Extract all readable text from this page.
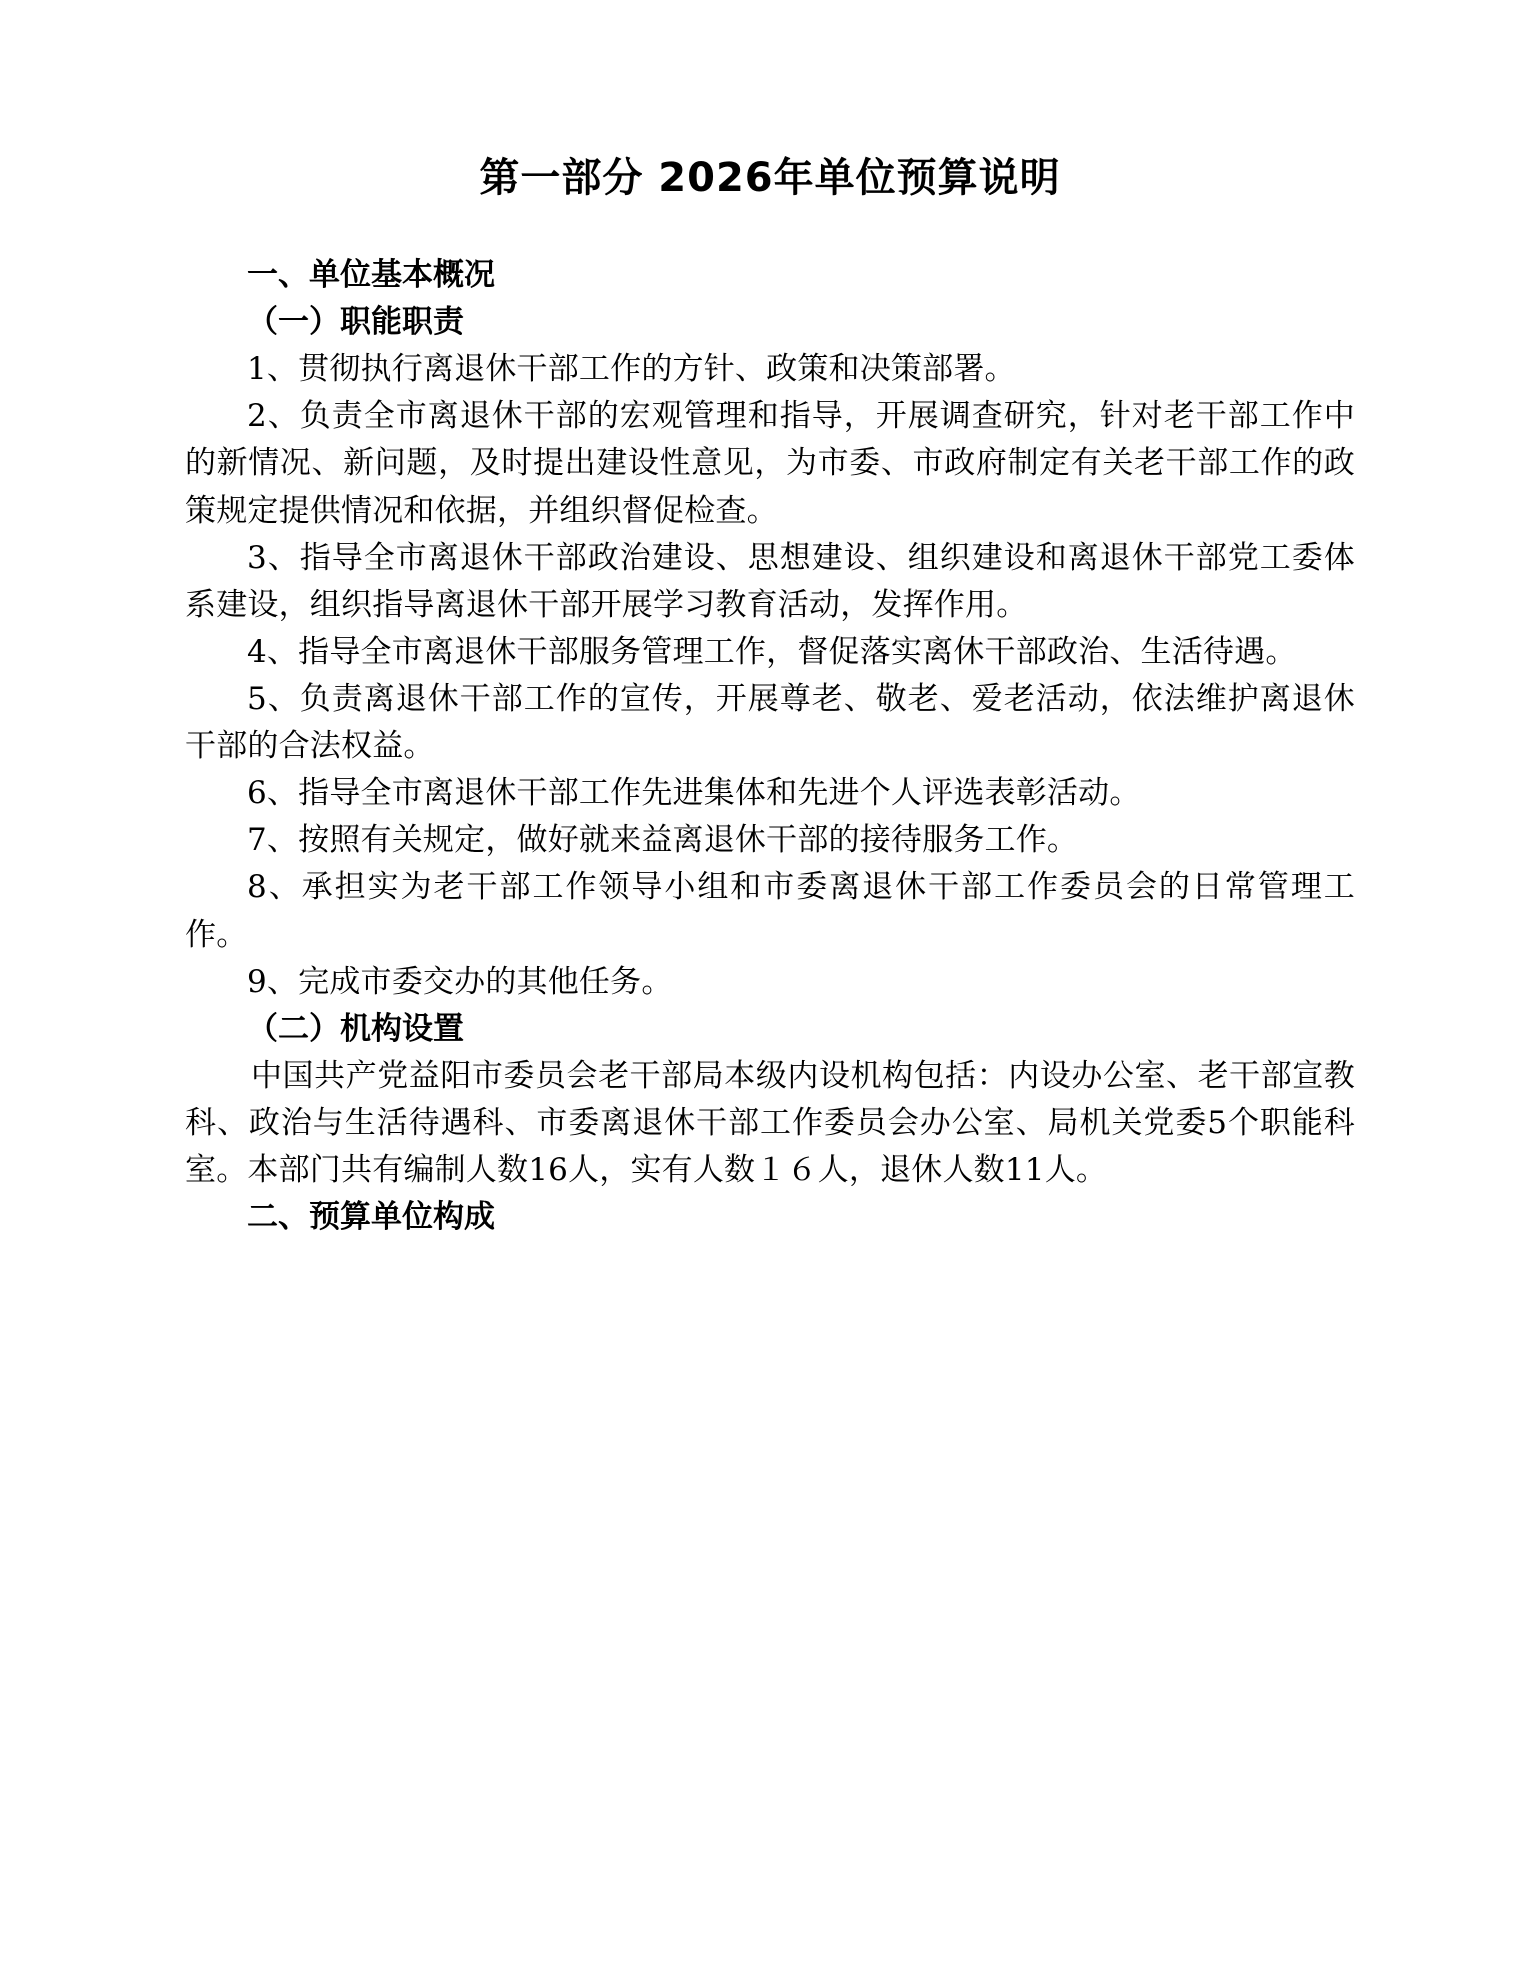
第一部分 2026年单位预算说明
一、单位基本概况
（一）职能职责

1、贯彻执行离退休干部工作的方针、政策和决策部署。

2、负责全市离退休干部的宏观管理和指导，开展调查研究，针对老干部工作中的新情况、新问题，及时提出建设性意见，为市委、市政府制定有关老干部工作的政策规定提供情况和依据，并组织督促检查。

3、指导全市离退休干部政治建设、思想建设、组织建设和离退休干部党工委体系建设，组织指导离退休干部开展学习教育活动，发挥作用。

4、指导全市离退休干部服务管理工作，督促落实离休干部政治、生活待遇。

5、负责离退休干部工作的宣传，开展尊老、敬老、爱老活动，依法维护离退休干部的合法权益。

6、指导全市离退休干部工作先进集体和先进个人评选表彰活动。

7、按照有关规定，做好就来益离退休干部的接待服务工作。

8、承担实为老干部工作领导小组和市委离退休干部工作委员会的日常管理工作。

9、完成市委交办的其他任务。

（二）机构设置

中国共产党益阳市委员会老干部局本级内设机构包括：内设办公室、老干部宣教科、政治与生活待遇科、市委离退休干部工作委员会办公室、局机关党委5个职能科室。本部门共有编制人数16人，实有人数１６人，退休人数11人。

二、预算单位构成
